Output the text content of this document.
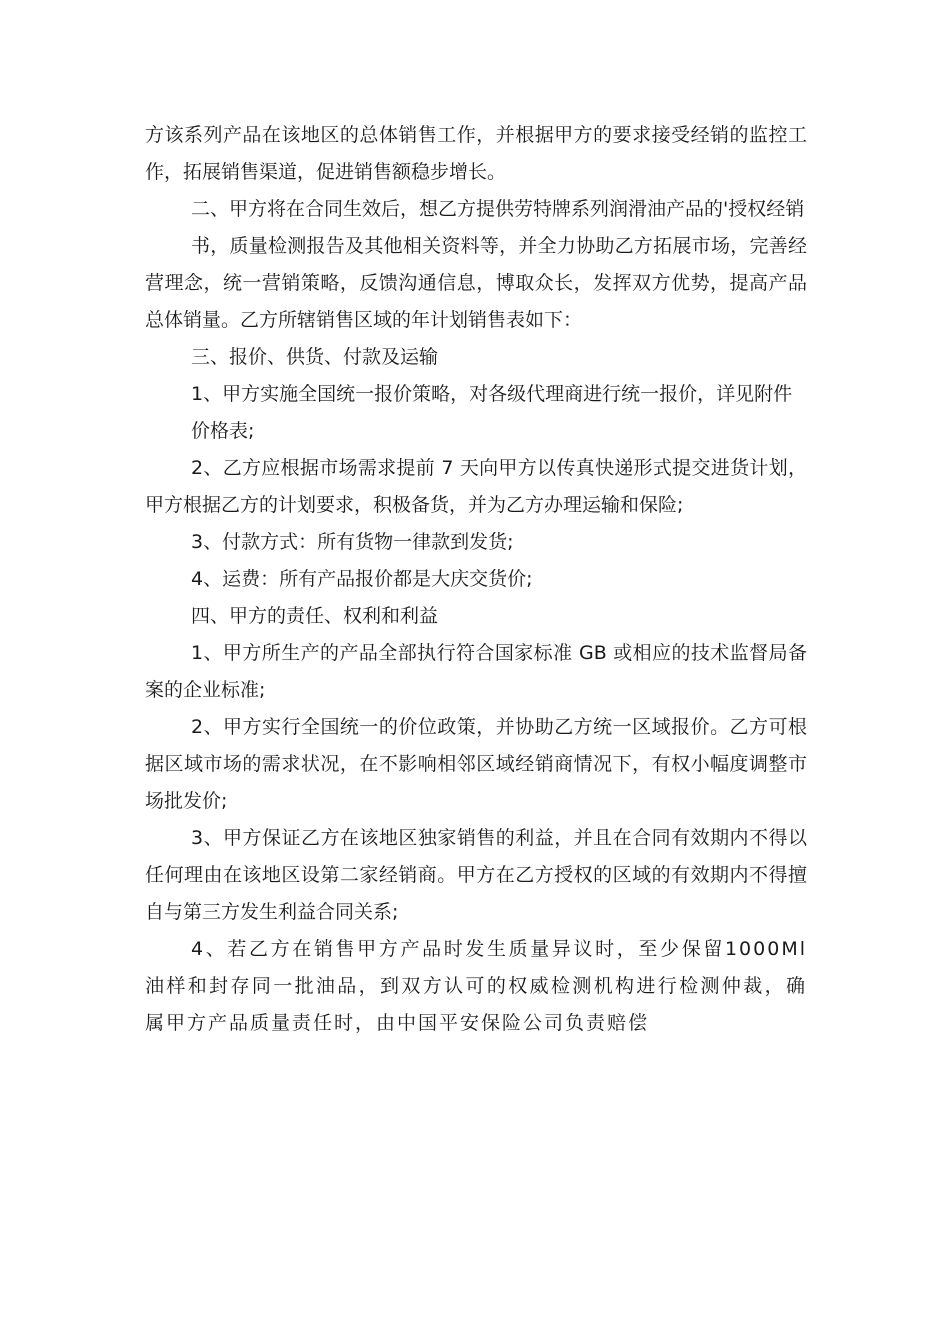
方该系列产品在该地区的总体销售工作，并根据甲方的要求接受经销的监控工作，拓展销售渠道，促进销售额稳步增长。

二、甲方将在合同生效后，想乙方提供劳特牌系列润滑油产品的'授权经销

书，质量检测报告及其他相关资料等，并全力协助乙方拓展市场，完善经营理念，统一营销策略，反馈沟通信息，博取众长，发挥双方优势，提高产品总体销量。乙方所辖销售区域的年计划销售表如下：

三、报价、供货、付款及运输

1、甲方实施全国统一报价策略，对各级代理商进行统一报价，详见附件

价格表;

2、乙方应根据市场需求提前 7 天向甲方以传真快递形式提交进货计划，甲方根据乙方的计划要求，积极备货，并为乙方办理运输和保险;

3、付款方式：所有货物一律款到发货;

4、运费：所有产品报价都是大庆交货价;

四、甲方的责任、权利和利益

1、甲方所生产的产品全部执行符合国家标准 GB 或相应的技术监督局备案的企业标准;

2、甲方实行全国统一的价位政策，并协助乙方统一区域报价。乙方可根据区域市场的需求状况，在不影响相邻区域经销商情况下，有权小幅度调整市场批发价;

3、甲方保证乙方在该地区独家销售的利益，并且在合同有效期内不得以任何理由在该地区设第二家经销商。甲方在乙方授权的区域的有效期内不得擅自与第三方发生利益合同关系;

4、若乙方在销售甲方产品时发生质量异议时，至少保留1000Ml 油样和封存同一批油品，到双方认可的权威检测机构进行检测仲裁，确属甲方产品质量责任时，由中国平安保险公司负责赔偿
